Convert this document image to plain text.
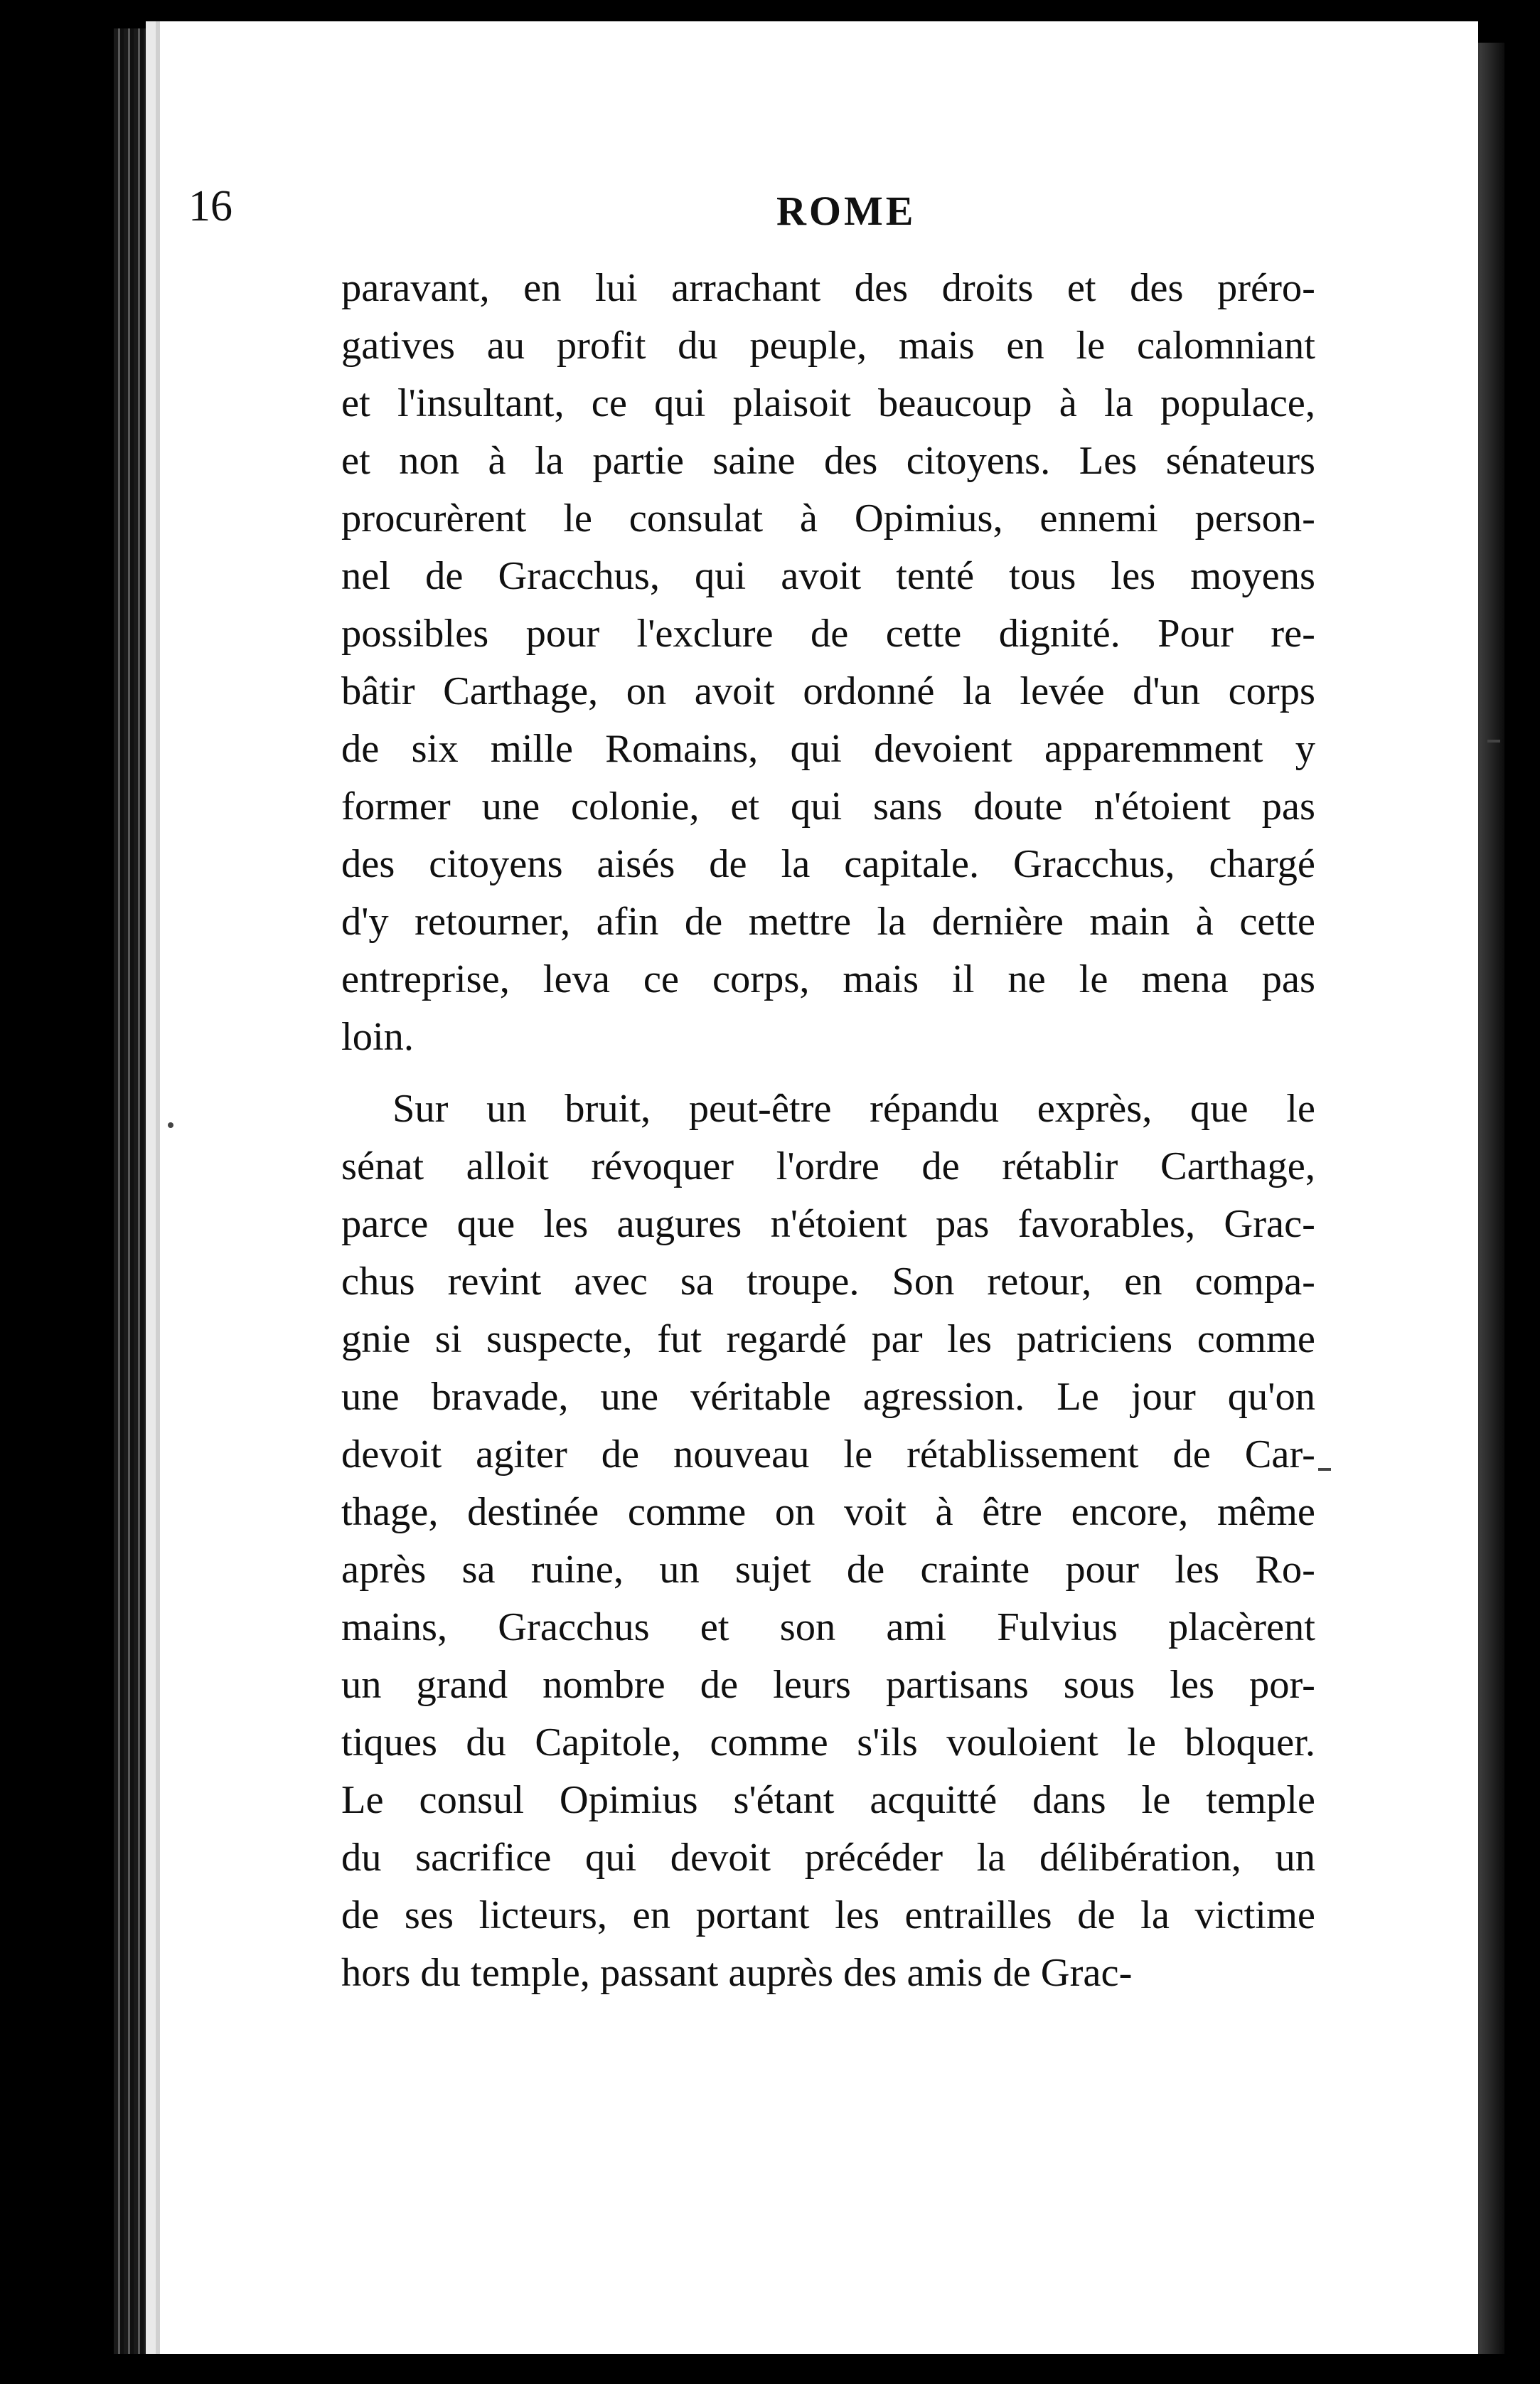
16	ROME
paravant, en lui arrachant des droits et des prérо-
gatives au profit du peuple, mais en le calomniant
et l'insultant, ce qui plaisoit beaucoup à la populace,
et non à la partie saine des citoyens. Les sénateurs
procurèrent le consulat à Opimius, ennemi person-
nel de Gracchus, qui avoit tenté tous les moyens
possibles pour l'exclure de cette dignité. Pour re-
bâtir Carthage, on avoit ordonné la levée d'un corps
de six mille Romains, qui devoient apparemment y
former une colonie, et qui sans doute n'étoient pas
des citoyens aisés de la capitale. Gracchus, chargé
d'y retourner, afin de mettre la dernière main à cette
entreprise, leva ce corps, mais il ne le mena pas
loin.
Sur un bruit, peut-être répandu exprès, que le
sénat alloit révoquer l'ordre de rétablir Carthage,
parce que les augures n'étoient pas favorables, Grac-
chus revint avec sa troupe. Son retour, en compa-
gnie si suspecte, fut regardé par les patriciens comme
une bravade, une véritable agression. Le jour qu'on
devoit agiter de nouveau le rétablissement de Car-
thage, destinée comme on voit à être encore, même
après sa ruine, un sujet de crainte pour les Ro-
mains, Gracchus et son ami Fulvius placèrent
un grand nombre de leurs partisans sous les por-
tiques du Capitole, comme s'ils vouloient le bloquer.
Le consul Opimius s'étant acquitté dans le temple
du sacrifice qui devoit précéder la délibération, un
de ses licteurs, en portant les entrailles de la victime
hors du temple, passant auprès des amis de Grac-
